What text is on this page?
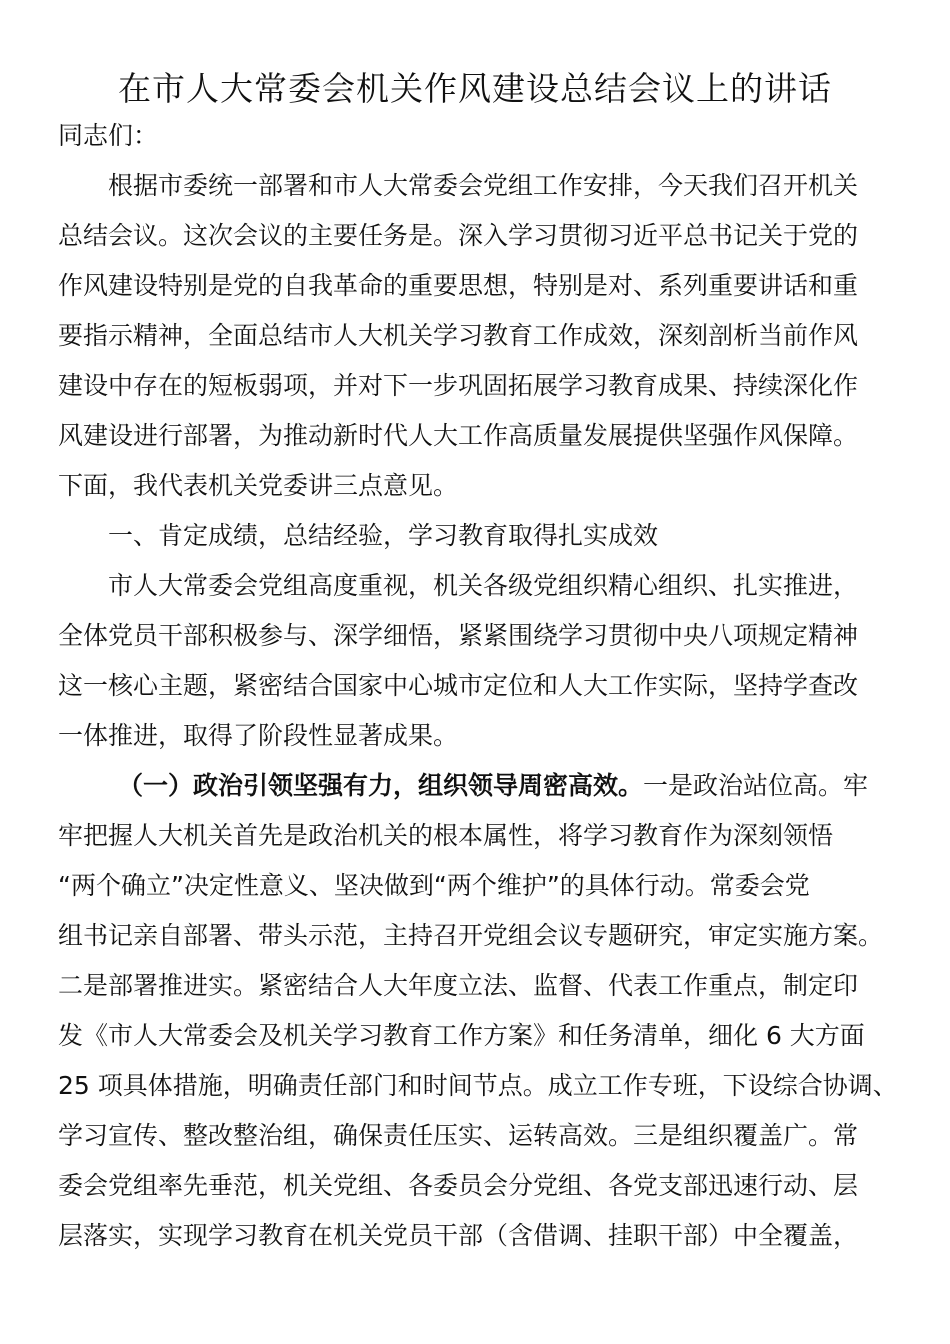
在市人大常委会机关作风建设总结会议上的讲话

同志们：

根据市委统一部署和市人大常委会党组工作安排，今天我们召开机关

总结会议。这次会议的主要任务是。深入学习贯彻习近平总书记关于党的

作风建设特别是党的自我革命的重要思想，特别是对、系列重要讲话和重

要指示精神，全面总结市人大机关学习教育工作成效，深刻剖析当前作风

建设中存在的短板弱项，并对下一步巩固拓展学习教育成果、持续深化作

风建设进行部署，为推动新时代人大工作高质量发展提供坚强作风保障。

下面，我代表机关党委讲三点意见。

一、肯定成绩，总结经验，学习教育取得扎实成效

市人大常委会党组高度重视，机关各级党组织精心组织、扎实推进，

全体党员干部积极参与、深学细悟，紧紧围绕学习贯彻中央八项规定精神

这一核心主题，紧密结合国家中心城市定位和人大工作实际，坚持学查改

一体推进，取得了阶段性显著成果。

（一）政治引领坚强有力，组织领导周密高效。一是政治站位高。牢

牢把握人大机关首先是政治机关的根本属性，将学习教育作为深刻领悟

“两个确立”决定性意义、坚决做到“两个维护”的具体行动。常委会党

组书记亲自部署、带头示范，主持召开党组会议专题研究，审定实施方案。

二是部署推进实。紧密结合人大年度立法、监督、代表工作重点，制定印

发《市人大常委会及机关学习教育工作方案》和任务清单，细化 6 大方面

25 项具体措施，明确责任部门和时间节点。成立工作专班，下设综合协调、

学习宣传、整改整治组，确保责任压实、运转高效。三是组织覆盖广。常

委会党组率先垂范，机关党组、各委员会分党组、各党支部迅速行动、层

层落实，实现学习教育在机关党员干部（含借调、挂职干部）中全覆盖，
